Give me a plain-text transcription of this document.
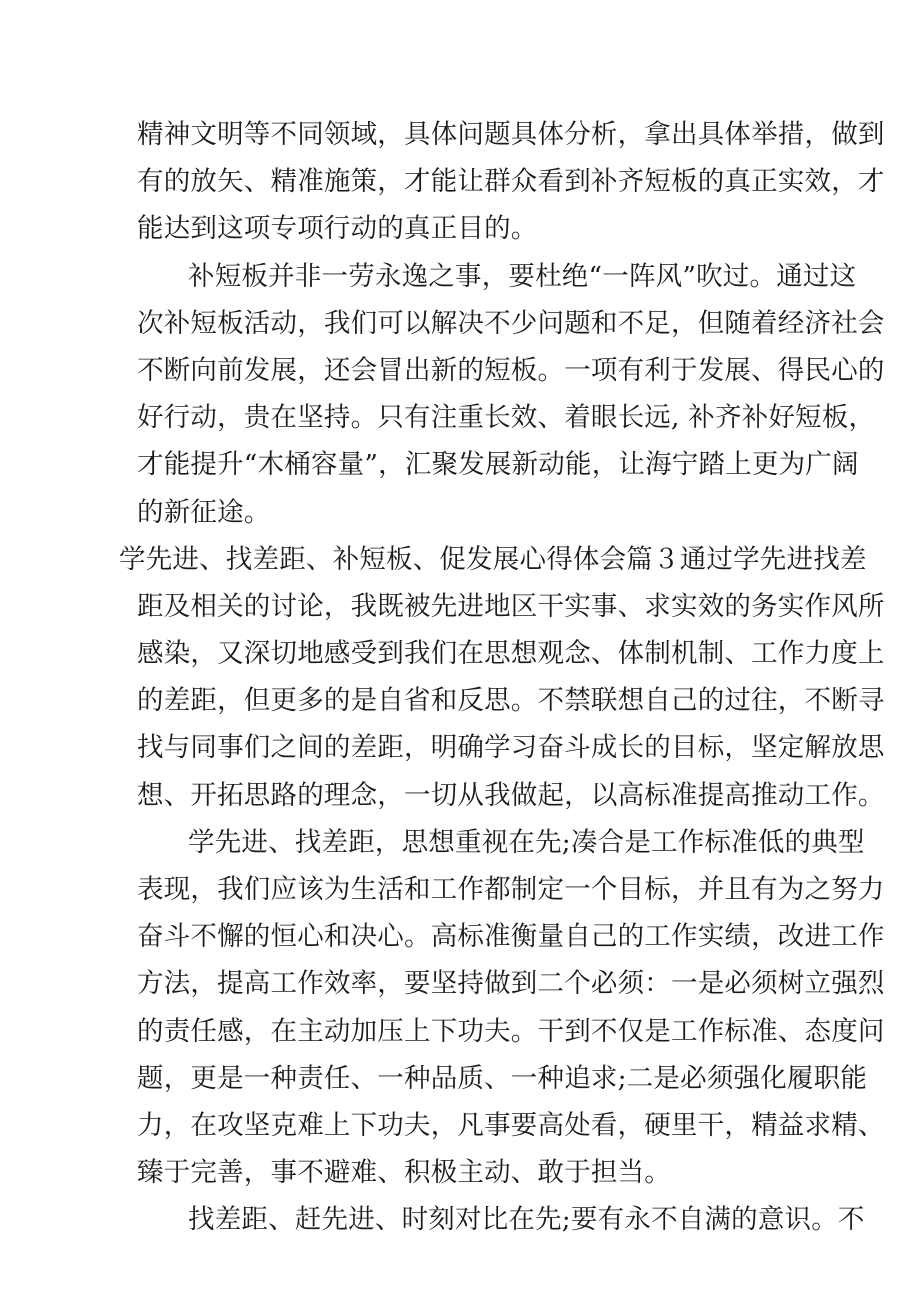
精神文明等不同领域，具体问题具体分析，拿出具体举措，做到
有的放矢、精准施策，才能让群众看到补齐短板的真正实效，才
能达到这项专项行动的真正目的。
补短板并非一劳永逸之事，要杜绝“一阵风”吹过。通过这
次补短板活动，我们可以解决不少问题和不足，但随着经济社会
不断向前发展，还会冒出新的短板。一项有利于发展、得民心的
好行动，贵在坚持。只有注重长效、着眼长远, 补齐补好短板，
才能提升“木桶容量”，汇聚发展新动能，让海宁踏上更为广阔
的新征途。
学先进、找差距、补短板、促发展心得体会篇３通过学先进找差
距及相关的讨论，我既被先进地区干实事、求实效的务实作风所
感染，又深切地感受到我们在思想观念、体制机制、工作力度上
的差距，但更多的是自省和反思。不禁联想自己的过往，不断寻
找与同事们之间的差距，明确学习奋斗成长的目标，坚定解放思
想、开拓思路的理念，一切从我做起，以高标准提高推动工作。
学先进、找差距，思想重视在先;凑合是工作标准低的典型
表现，我们应该为生活和工作都制定一个目标，并且有为之努力
奋斗不懈的恒心和决心。高标准衡量自己的工作实绩，改进工作
方法，提高工作效率，要坚持做到二个必须：一是必须树立强烈
的责任感，在主动加压上下功夫。干到不仅是工作标准、态度问
题，更是一种责任、一种品质、一种追求;二是必须强化履职能
力，在攻坚克难上下功夫，凡事要高处看，硬里干，精益求精、
臻于完善，事不避难、积极主动、敢于担当。
找差距、赶先进、时刻对比在先;要有永不自满的意识。不
